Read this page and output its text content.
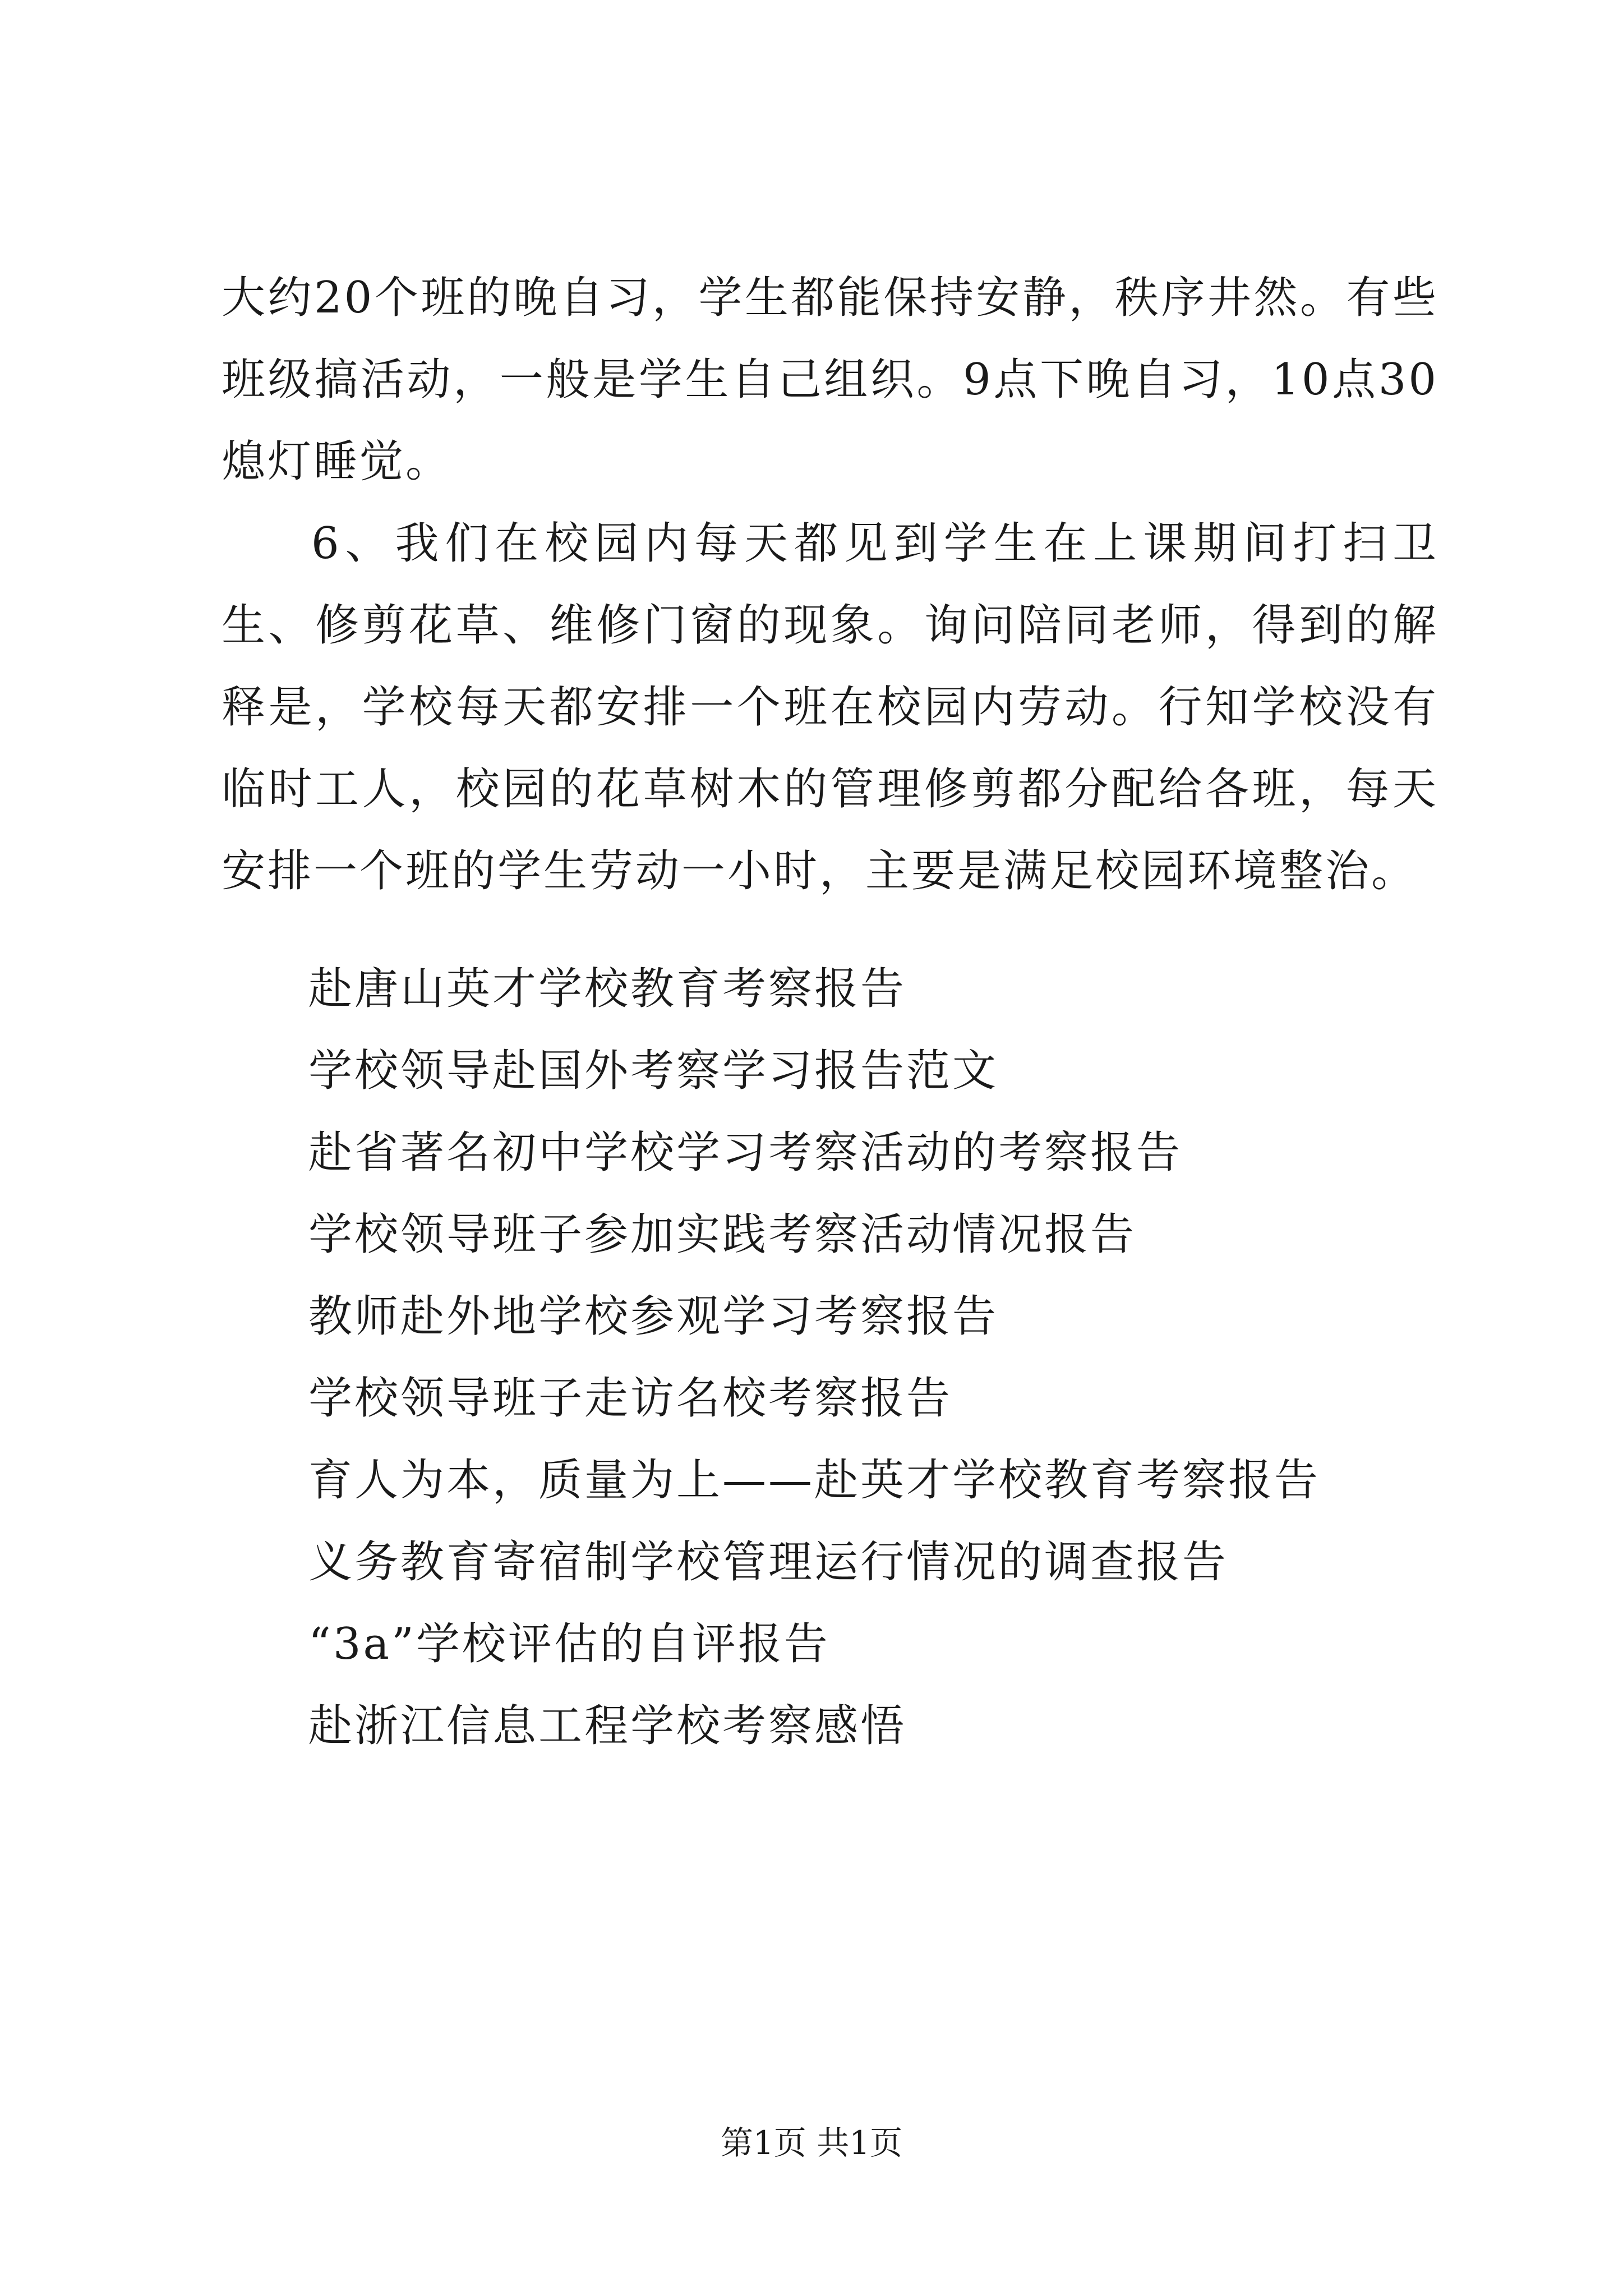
大约20个班的晚自习，学生都能保持安静，秩序井然。有些班级搞活动，一般是学生自己组织。9点下晚自习，10点30熄灯睡觉。

6、我们在校园内每天都见到学生在上课期间打扫卫生、修剪花草、维修门窗的现象。询问陪同老师，得到的解释是，学校每天都安排一个班在校园内劳动。行知学校没有临时工人，校园的花草树木的管理修剪都分配给各班，每天安排一个班的学生劳动一小时，主要是满足校园环境整治。

赴唐山英才学校教育考察报告
学校领导赴国外考察学习报告范文
赴省著名初中学校学习考察活动的考察报告
学校领导班子参加实践考察活动情况报告
教师赴外地学校参观学习考察报告
学校领导班子走访名校考察报告
育人为本，质量为上——赴英才学校教育考察报告
义务教育寄宿制学校管理运行情况的调查报告
“3a”学校评估的自评报告
赴浙江信息工程学校考察感悟
第1页 共1页
